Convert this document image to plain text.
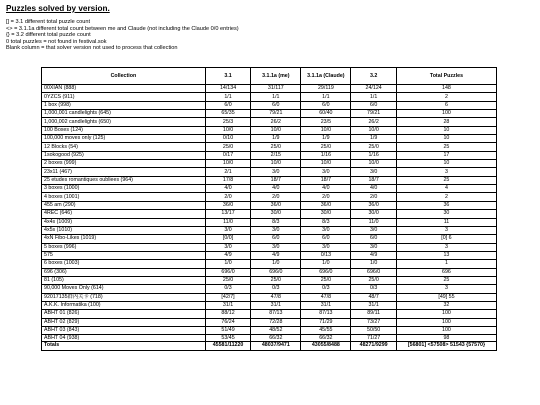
Puzzles solved by version.
[] = 3.1 different total puzzle count
<> = 3.1.1a different total count between me and Claude (not including the Claude 0/0 entries)
{} = 3.2 different total puzzle count
0 total puzzles = not found in festival.sok
Blank column = that solver version not used to process that collection
Collection	3.1	3.1.1a (me)	3.1.1a (Claude)	3.2	Total Puzzles
00XIAN (888)	14/134	31/117	29/119	24/124	148
0YZCS (911)	1/1	1/1	1/1	1/1	2
1 box (998)	6/0	6/0	6/0	6/0	6
1,000,001 candlelights (645)	65/35	79/21	60/40	79/21	100
1,000,002 candlelights (650)	25/3	26/2	23/5	26/2	28
100 Boxes (124)	10/0	10/0	10/0	10/0	10
100,000 moves only (125)	0/10	1/9	1/9	1/9	10
12 Blocks (54)	25/0	25/0	25/0	25/0	25
1sokogood (925)	0/17	2/15	1/16	1/16	17
2 boxes (999)	10/0	10/0	10/0	10/0	10
23x11 (467)	2/1	3/0	3/0	3/0	3
25 etudes romantiques oubliees (964)	17/8	18/7	18/7	18/7	25
3 boxes (1000)	4/0	4/0	4/0	4/0	4
4 boxes (1001)	2/0	2/0	2/0	2/0	2
455 am (290)	36/0	36/0	36/0	36/0	36
4REC (646)	13/17	30/0	30/0	30/0	30
4x4s (1009)	11/0	8/3	8/3	11/0	11
4x5s (1010)	3/0	3/0	3/0	3/0	3
4xN Fibo-Likes (1019)	[0/0]	6/0	6/0	6/0	[0] 6
5 boxes (996)	3/0	3/0	3/0	3/0	3
575	4/9	4/9	0/13	4/9	13
6 boxes (1003)	1/0	1/0	1/0	1/0	1
696 (306)	696/0	696/0	696/0	696/0	696
81 (105)	25/0	25/0	25/0	25/0	25
90,000 Moves Only (614)	0/3	0/3	0/3	0/3	3
92017135群内关卡 (718)	[42/7]	47/8	47/8	48/7	[49] 55
A.K.K. Informatika (100)	31/1	31/1	31/1	31/1	32
ABHT 01 (826)	88/12	87/13	87/13	89/11	100
ABHT 02 (829)	76/24	72/28	71/29	73/27	100
ABHT 03 (843)	51/49	48/52	45/55	50/50	100
ABHT 04 (938)	53/45	66/32	66/32	71/27	98
Totals	45581/11220	48037/9471	43055/8488	48271/9299	[56801] <57508> 51543 {57570}
